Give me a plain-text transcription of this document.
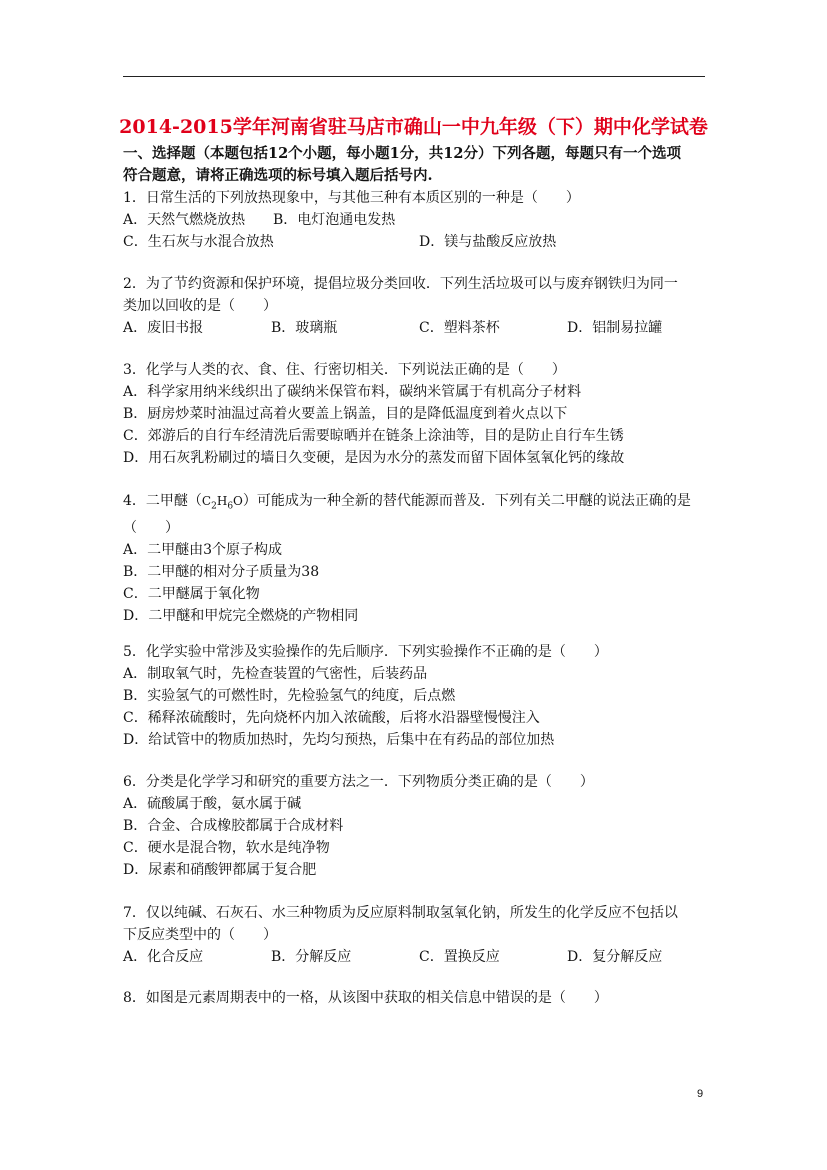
2014-2015学年河南省驻马店市确山一中九年级（下）期中化学试卷
一、选择题（本题包括12个小题，每小题1分，共12分）下列各题，每题只有一个选项
符合题意，请将正确选项的标号填入题后括号内.
1．日常生活的下列放热现象中，与其他三种有本质区别的一种是（　　）
A．天然气燃烧放热	B．电灯泡通电发热
C．生石灰与水混合放热	D．镁与盐酸反应放热
2．为了节约资源和保护环境，提倡垃圾分类回收．下列生活垃圾可以与废弃钢铁归为同一
类加以回收的是（　　）
A．废旧书报	B．玻璃瓶	C．塑料茶杯	D．铝制易拉罐
3．化学与人类的衣、食、住、行密切相关．下列说法正确的是（　　）
A．科学家用纳米线织出了碳纳米保管布料，碳纳米管属于有机高分子材料
B．厨房炒菜时油温过高着火要盖上锅盖，目的是降低温度到着火点以下
C．郊游后的自行车经清洗后需要晾晒并在链条上涂油等，目的是防止自行车生锈
D．用石灰乳粉刷过的墙日久变硬，是因为水分的蒸发而留下固体氢氧化钙的缘故
4．二甲醚$(C_2H_6O)$可能成为一种全新的替代能源而普及．下列有关二甲醚的说法正确的是
（　　）
A．二甲醚由3个原子构成
B．二甲醚的相对分子质量为38
C．二甲醚属于氧化物
D．二甲醚和甲烷完全燃烧的产物相同
5．化学实验中常涉及实验操作的先后顺序．下列实验操作不正确的是（　　）
A．制取氧气时，先检查装置的气密性，后装药品
B．实验氢气的可燃性时，先检验氢气的纯度，后点燃
C．稀释浓硫酸时，先向烧杯内加入浓硫酸，后将水沿器壁慢慢注入
D．给试管中的物质加热时，先均匀预热，后集中在有药品的部位加热
6．分类是化学学习和研究的重要方法之一．下列物质分类正确的是（　　）
A．硫酸属于酸，氨水属于碱
B．合金、合成橡胶都属于合成材料
C．硬水是混合物，软水是纯净物
D．尿素和硝酸钾都属于复合肥
7．仅以纯碱、石灰石、水三种物质为反应原料制取氢氧化钠，所发生的化学反应不包括以
下反应类型中的（　　）
A．化合反应	B．分解反应	C．置换反应	D．复分解反应
8．如图是元素周期表中的一格，从该图中获取的相关信息中错误的是（　　）
9
